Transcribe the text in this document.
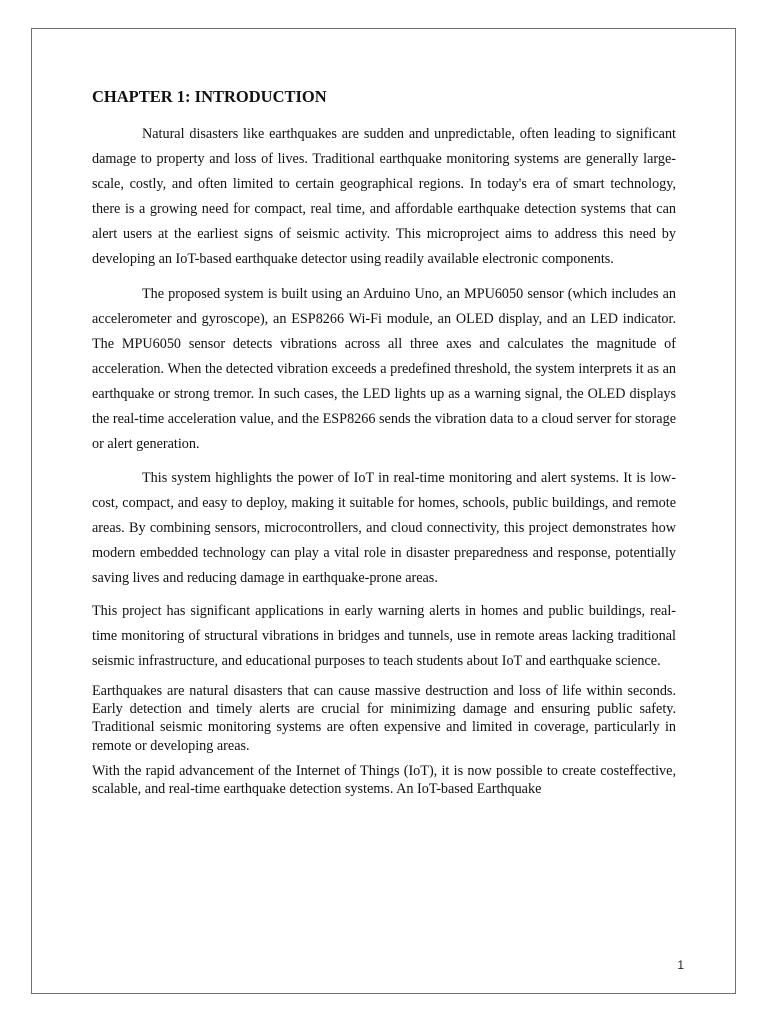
CHAPTER 1: INTRODUCTION

Natural disasters like earthquakes are sudden and unpredictable, often leading to significant damage to property and loss of lives. Traditional earthquake monitoring systems are generally large-scale, costly, and often limited to certain geographical regions. In today's era of smart technology, there is a growing need for compact, real time, and affordable earthquake detection systems that can alert users at the earliest signs of seismic activity. This microproject aims to address this need by developing an IoT-based earthquake detector using readily available electronic components.

The proposed system is built using an Arduino Uno, an MPU6050 sensor (which includes an accelerometer and gyroscope), an ESP8266 Wi-Fi module, an OLED display, and an LED indicator. The MPU6050 sensor detects vibrations across all three axes and calculates the magnitude of acceleration. When the detected vibration exceeds a predefined threshold, the system interprets it as an earthquake or strong tremor. In such cases, the LED lights up as a warning signal, the OLED displays the real-time acceleration value, and the ESP8266 sends the vibration data to a cloud server for storage or alert generation.

This system highlights the power of IoT in real-time monitoring and alert systems. It is low-cost, compact, and easy to deploy, making it suitable for homes, schools, public buildings, and remote areas. By combining sensors, microcontrollers, and cloud connectivity, this project demonstrates how modern embedded technology can play a vital role in disaster preparedness and response, potentially saving lives and reducing damage in earthquake-prone areas.

This project has significant applications in early warning alerts in homes and public buildings, real-time monitoring of structural vibrations in bridges and tunnels, use in remote areas lacking traditional seismic infrastructure, and educational purposes to teach students about IoT and earthquake science.

Earthquakes are natural disasters that can cause massive destruction and loss of life within seconds. Early detection and timely alerts are crucial for minimizing damage and ensuring public safety. Traditional seismic monitoring systems are often expensive and limited in coverage, particularly in remote or developing areas.

With the rapid advancement of the Internet of Things (IoT), it is now possible to create costeffective, scalable, and real-time earthquake detection systems. An IoT-based Earthquake

1
